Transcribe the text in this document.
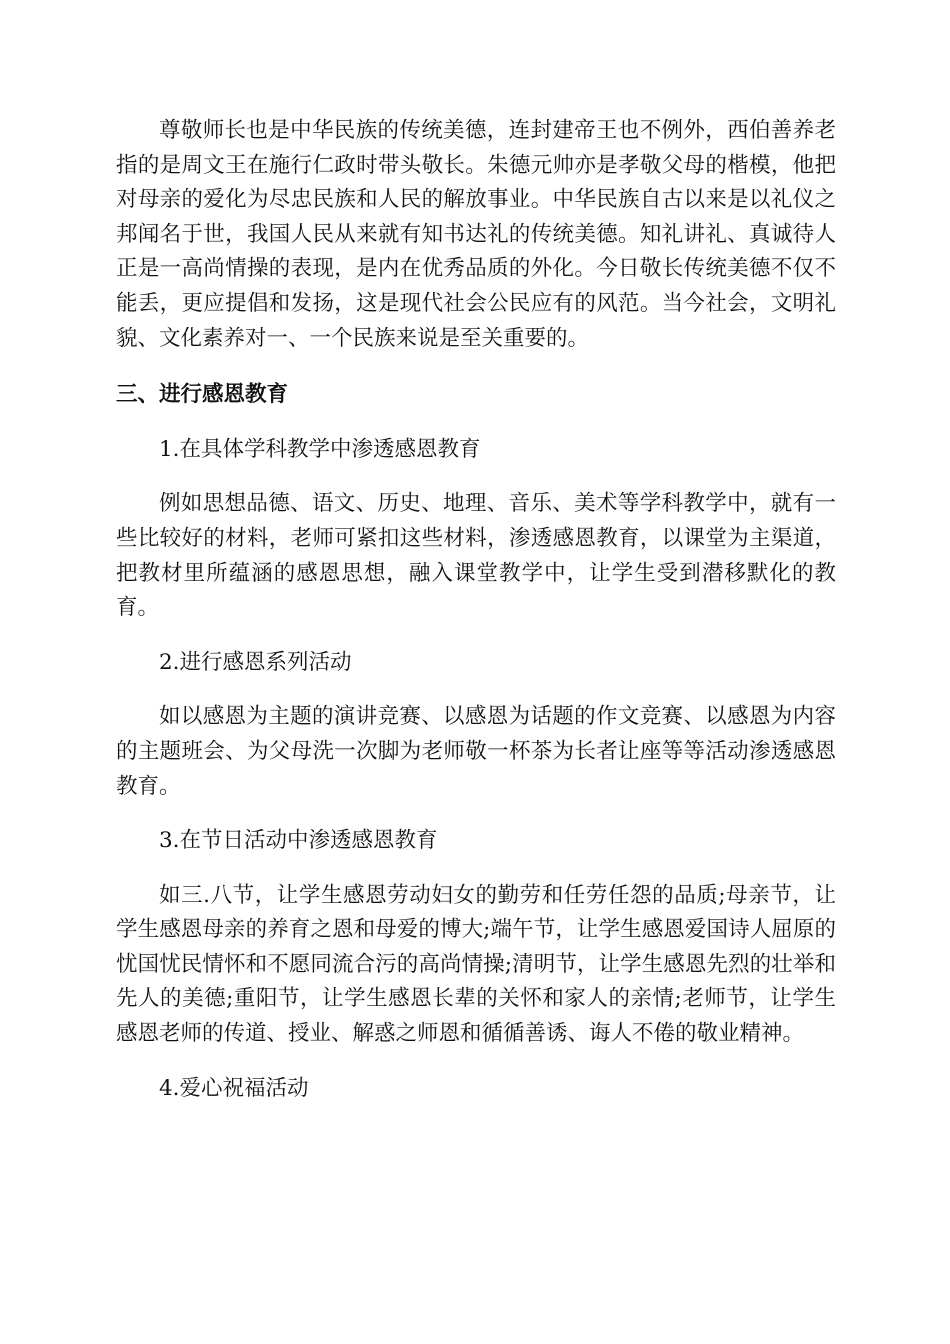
尊敬师长也是中华民族的传统美德，连封建帝王也不例外，西伯善养老指的是周文王在施行仁政时带头敬长。朱德元帅亦是孝敬父母的楷模，他把对母亲的爱化为尽忠民族和人民的解放事业。中华民族自古以来是以礼仪之邦闻名于世，我国人民从来就有知书达礼的传统美德。知礼讲礼、真诚待人正是一高尚情操的表现，是内在优秀品质的外化。今日敬长传统美德不仅不能丢，更应提倡和发扬，这是现代社会公民应有的风范。当今社会，文明礼貌、文化素养对一、一个民族来说是至关重要的。

三、进行感恩教育

1.在具体学科教学中渗透感恩教育

例如思想品德、语文、历史、地理、音乐、美术等学科教学中，就有一些比较好的材料，老师可紧扣这些材料，渗透感恩教育，以课堂为主渠道，把教材里所蕴涵的感恩思想，融入课堂教学中，让学生受到潜移默化的教育。

2.进行感恩系列活动

如以感恩为主题的演讲竞赛、以感恩为话题的作文竞赛、以感恩为内容的主题班会、为父母洗一次脚为老师敬一杯茶为长者让座等等活动渗透感恩教育。

3.在节日活动中渗透感恩教育

如三.八节，让学生感恩劳动妇女的勤劳和任劳任怨的品质;母亲节，让学生感恩母亲的养育之恩和母爱的博大;端午节，让学生感恩爱国诗人屈原的忧国忧民情怀和不愿同流合污的高尚情操;清明节，让学生感恩先烈的壮举和先人的美德;重阳节，让学生感恩长辈的关怀和家人的亲情;老师节，让学生感恩老师的传道、授业、解惑之师恩和循循善诱、诲人不倦的敬业精神。

4.爱心祝福活动
